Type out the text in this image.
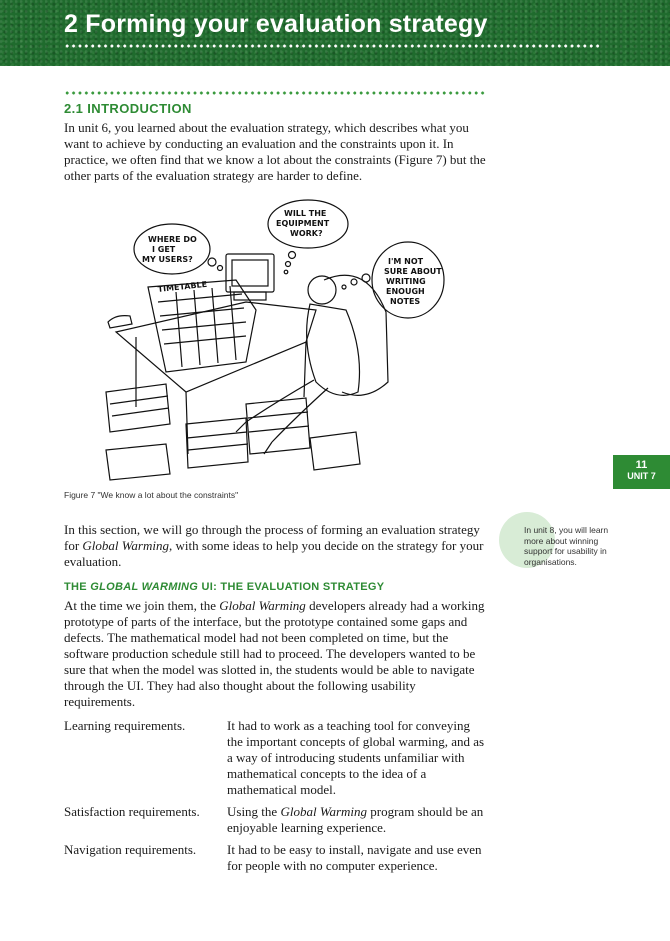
2 Forming your evaluation strategy
2.1 INTRODUCTION

In unit 6, you learned about the evaluation strategy, which describes what you want to achieve by conducting an evaluation and the constraints upon it. In practice, we often find that we know a lot about the constraints (Figure 7) but the other parts of the evaluation strategy are harder to define.

WHERE DO
I GET
MY USERS?
WILL THE
EQUIPMENT
WORK?
I'M NOT
SURE ABOUT
WRITING
ENOUGH
NOTES
TIMETABLE
Figure 7 "We know a lot about the constraints"
11
UNIT 7
In unit 8, you will learn more about winning support for usability in organisations.

In this section, we will go through the process of forming an evaluation strategy for Global Warming, with some ideas to help you decide on the strategy for your evaluation.

THE GLOBAL WARMING UI: THE EVALUATION STRATEGY

At the time we join them, the Global Warming developers already had a working prototype of parts of the interface, but the prototype contained some gaps and defects. The mathematical model had not been completed on time, but the software production schedule still had to proceed. The developers wanted to be sure that when the model was slotted in, the students would be able to navigate through the UI. They had also thought about the following usability requirements.

Learning requirements.	It had to work as a teaching tool for conveying the important concepts of global warming, and as a way of introducing students unfamiliar with mathematical concepts to the idea of a mathematical model.
Satisfaction requirements.	Using the Global Warming program should be an enjoyable learning experience.
Navigation requirements.	It had to be easy to install, navigate and use even for people with no computer experience.
